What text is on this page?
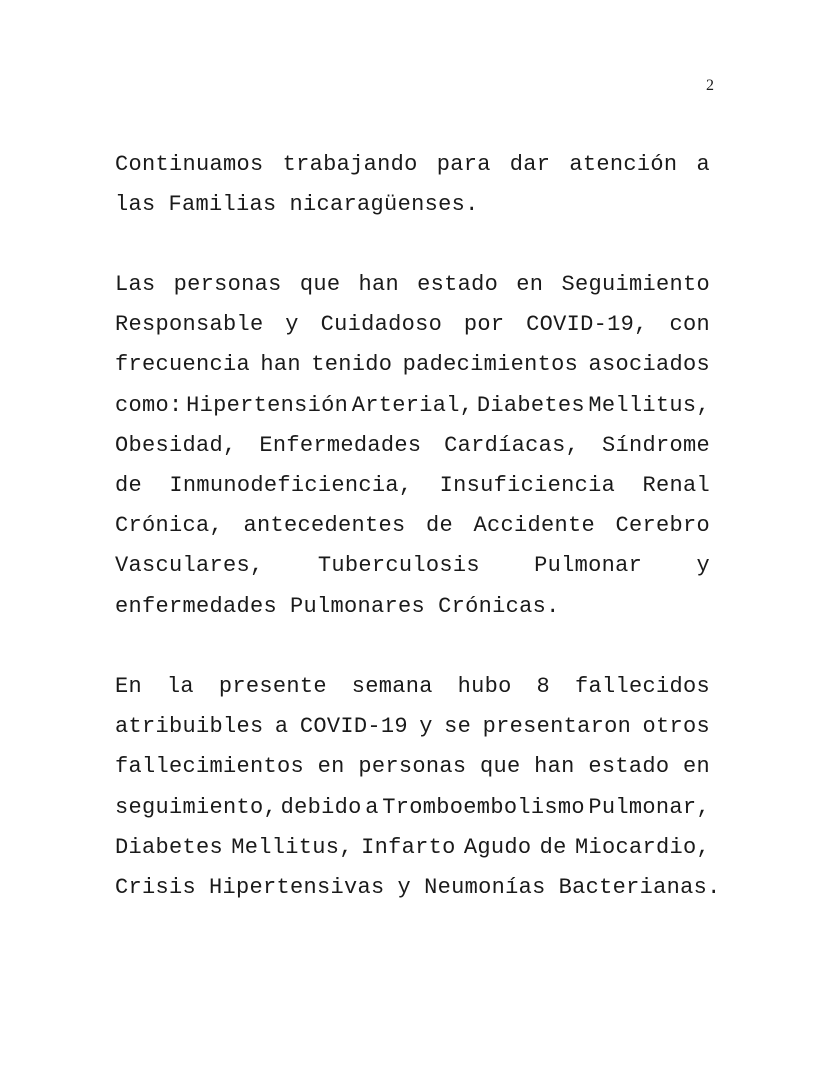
2
Continuamos trabajando para dar atención a
las Familias nicaragüenses.
Las personas que han estado en Seguimiento
Responsable y Cuidadoso por COVID-19, con
frecuencia han tenido padecimientos asociados
como: Hipertensión Arterial, Diabetes Mellitus,
Obesidad, Enfermedades Cardíacas, Síndrome
de Inmunodeficiencia, Insuficiencia Renal
Crónica, antecedentes de Accidente Cerebro
Vasculares, Tuberculosis Pulmonar y
enfermedades Pulmonares Crónicas.
En la presente semana hubo 8 fallecidos
atribuibles a COVID-19 y se presentaron otros
fallecimientos en personas que han estado en
seguimiento, debido a Tromboembolismo Pulmonar,
Diabetes Mellitus, Infarto Agudo de Miocardio,
Crisis Hipertensivas y Neumonías Bacterianas.
